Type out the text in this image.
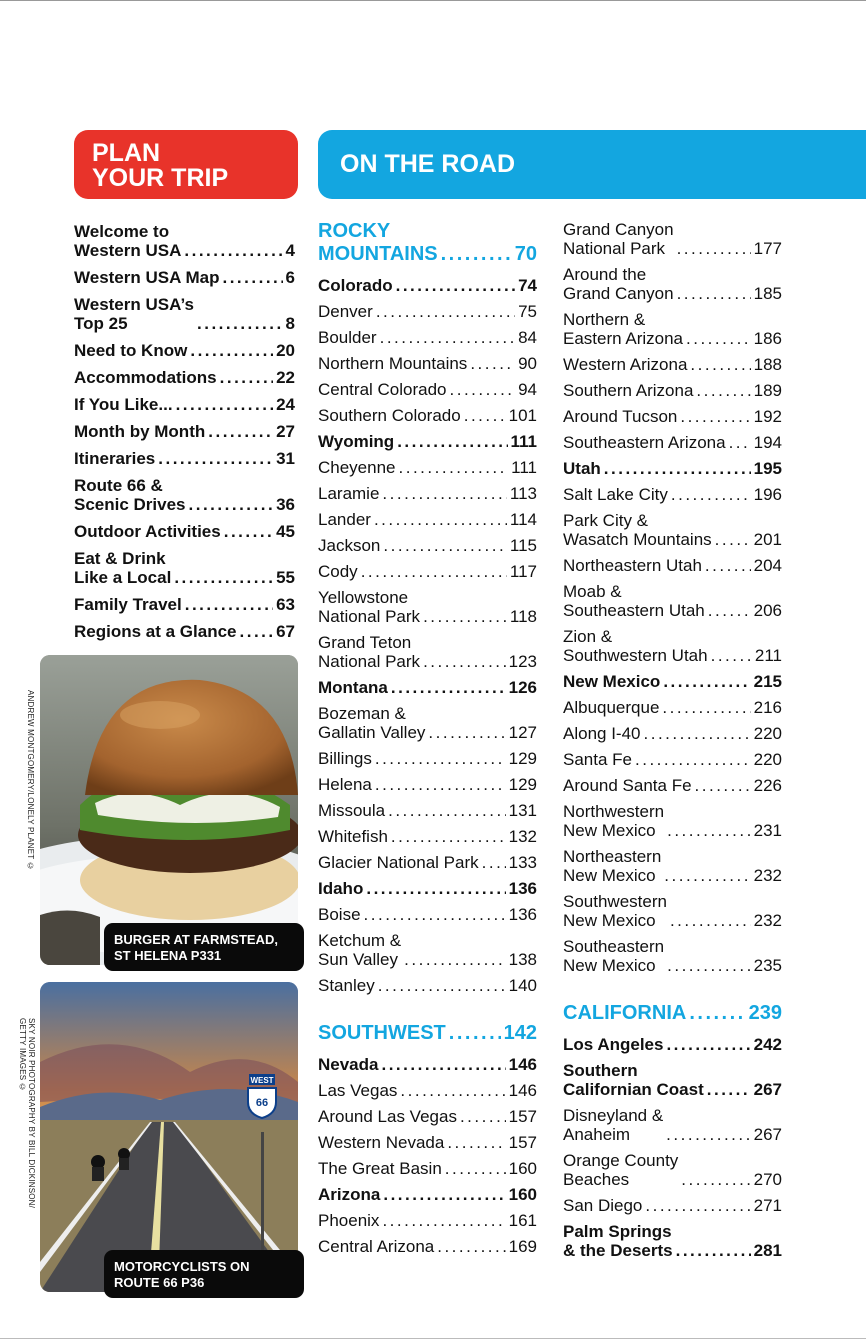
PLAN
YOUR TRIP	ON THE ROAD
Welcome to
Western USA .....	4
Western USA Map .....	6
Western USA’s
Top 25 .....	8
Need to Know .....	20
Accommodations .....	22
If You Like... .....	24
Month by Month .....	27
Itineraries .....	31
Route 66 &
Scenic Drives .....	36
Outdoor Activities .....	45
Eat & Drink
Like a Local .....	55
Family Travel .....	63
Regions at a Glance ..... 67
ROCKY
MOUNTAINS .....	70
Colorado .....	74
Denver .....	75
Boulder .....	84
Northern Mountains .....	90
Central Colorado .....	94
Southern Colorado .....	101
Wyoming .....	111
Cheyenne .....	111
Laramie .....	113
Lander .....	114
Jackson .....	115
Cody .....	117
Yellowstone
National Park .....	118
Grand Teton
National Park .....	123
Montana .....	126
Bozeman &
Gallatin Valley .....	127
Billings .....	129
Helena .....	129
Missoula .....	131
Whitefish .....	132
Glacier National Park ..... 133
Idaho .....	136
Boise .....	136
Ketchum &
Sun Valley .....	138
Stanley .....	140
SOUTHWEST .....	142
Nevada .....	146
Las Vegas .....	146
Around Las Vegas .....	157
Western Nevada .....	157
The Great Basin .....	160
Arizona .....	160
Phoenix .....	161
Central Arizona .....	169
Grand Canyon
National Park .....	177
Around the
Grand Canyon .....	185
Northern &
Eastern Arizona .....	186
Western Arizona .....	188
Southern Arizona .....	189
Around Tucson .....	192
Southeastern Arizona ..... 194
Utah .....	195
Salt Lake City .....	196
Park City &
Wasatch Mountains ..... 201
Northeastern Utah .....	204
Moab &
Southeastern Utah .....	206
Zion &
Southwestern Utah .....	211
New Mexico .....	215
Albuquerque .....	216
Along I-40 .....	220
Santa Fe .....	220
Around Santa Fe .....	226
Northwestern
New Mexico .....	231
Northeastern
New Mexico .....	232
Southwestern
New Mexico .....	232
Southeastern
New Mexico .....	235
CALIFORNIA .....	239
Los Angeles .....	242
Southern
Californian Coast .....	267
Disneyland &
Anaheim .....	267
Orange County
Beaches .....	270
San Diego .....	271
Palm Springs
& the Deserts .....	281
ANDREW MONTGOMERY/LONELY PLANET ©
BURGER AT FARMSTEAD, ST HELENA P331
WEST
66
SKY NOIR PHOTOGRAPHY BY BILL DICKINSON/
GETTY IMAGES ©
MOTORCYCLISTS ON ROUTE 66 P36
